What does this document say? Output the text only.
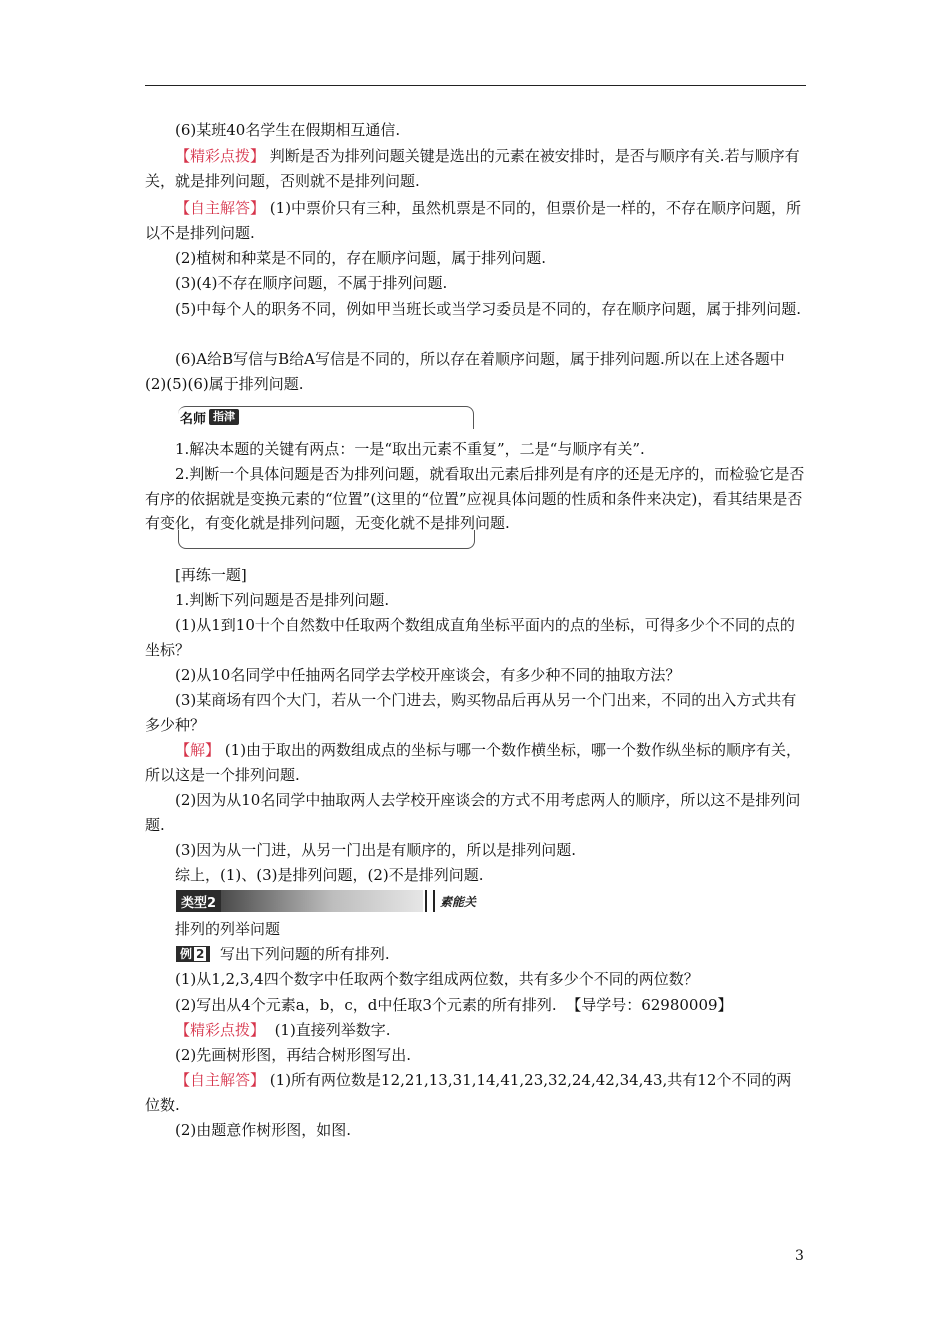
(6)某班40名学生在假期相互通信.

【精彩点拨】 判断是否为排列问题关键是选出的元素在被安排时，是否与顺序有关.若与顺序有关，就是排列问题，否则就不是排列问题.

【自主解答】 (1)中票价只有三种，虽然机票是不同的，但票价是一样的，不存在顺序问题，所以不是排列问题.

(2)植树和种菜是不同的，存在顺序问题，属于排列问题.

(3)(4)不存在顺序问题，不属于排列问题.

(5)中每个人的职务不同，例如甲当班长或当学习委员是不同的，存在顺序问题，属于排列问题.

(6)A给B写信与B给A写信是不同的，所以存在着顺序问题，属于排列问题.所以在上述各题中(2)(5)(6)属于排列问题.

名师 指津

1.解决本题的关键有两点：一是“取出元素不重复”，二是“与顺序有关”.

2.判断一个具体问题是否为排列问题，就看取出元素后排列是有序的还是无序的，而检验它是否有序的依据就是变换元素的“位置”(这里的“位置”应视具体问题的性质和条件来决定)，看其结果是否有变化，有变化就是排列问题，无变化就不是排列问题.

[再练一题]

1.判断下列问题是否是排列问题.

(1)从1到10十个自然数中任取两个数组成直角坐标平面内的点的坐标，可得多少个不同的点的坐标？

(2)从10名同学中任抽两名同学去学校开座谈会，有多少种不同的抽取方法？

(3)某商场有四个大门，若从一个门进去，购买物品后再从另一个门出来，不同的出入方式共有多少种？

【解】 (1)由于取出的两数组成点的坐标与哪一个数作横坐标，哪一个数作纵坐标的顺序有关，所以这是一个排列问题.

(2)因为从10名同学中抽取两人去学校开座谈会的方式不用考虑两人的顺序，所以这不是排列问题.

(3)因为从一门进，从另一门出是有顺序的，所以是排列问题.

综上，(1)、(3)是排列问题，(2)不是排列问题.

类型2	素能关

排列的列举问题

例 2 写出下列问题的所有排列.

(1)从1,2,3,4四个数字中任取两个数字组成两位数，共有多少个不同的两位数？

(2)写出从4个元素a，b，c，d中任取3个元素的所有排列. 【导学号：62980009】

【精彩点拨】 (1)直接列举数字.

(2)先画树形图，再结合树形图写出.

【自主解答】 (1)所有两位数是12,21,13,31,14,41,23,32,24,42,34,43,共有12个不同的两位数.

(2)由题意作树形图，如图.

3
